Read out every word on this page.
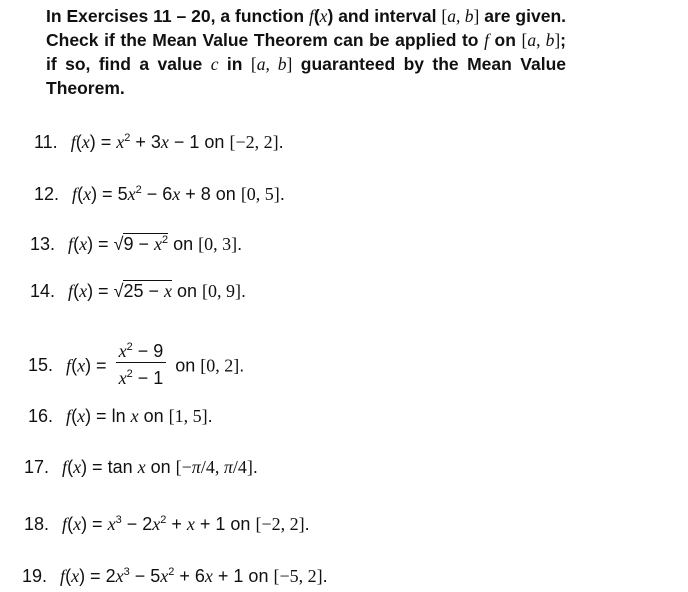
In Exercises 11 – 20, a function f(x) and interval [a, b] are given. Check if the Mean Value Theorem can be applied to f on [a, b]; if so, find a value c in [a, b] guaranteed by the Mean Value Theorem.
11. $f(x) = x^2 + 3x - 1$ on [−2, 2].
12. $f(x) = 5x^2 - 6x + 8$ on [0, 5].
13. $f(x) = √9 - x^2$ on [0, 3].
14. f(x) = √25 − x on [0, 9].
15. $f(x) = \frac{x^2 - 9}{x^2 - 1}$ on [0, 2].
16. f(x) = ln x on [1, 5].
17. f(x) = tan x on [−π/4, π/4].
18. $f(x) = x^3 - 2x^2 + x + 1$ on [−2, 2].
19. $f(x) = 2x^3 - 5x^2 + 6x + 1$ on [−5, 2].
